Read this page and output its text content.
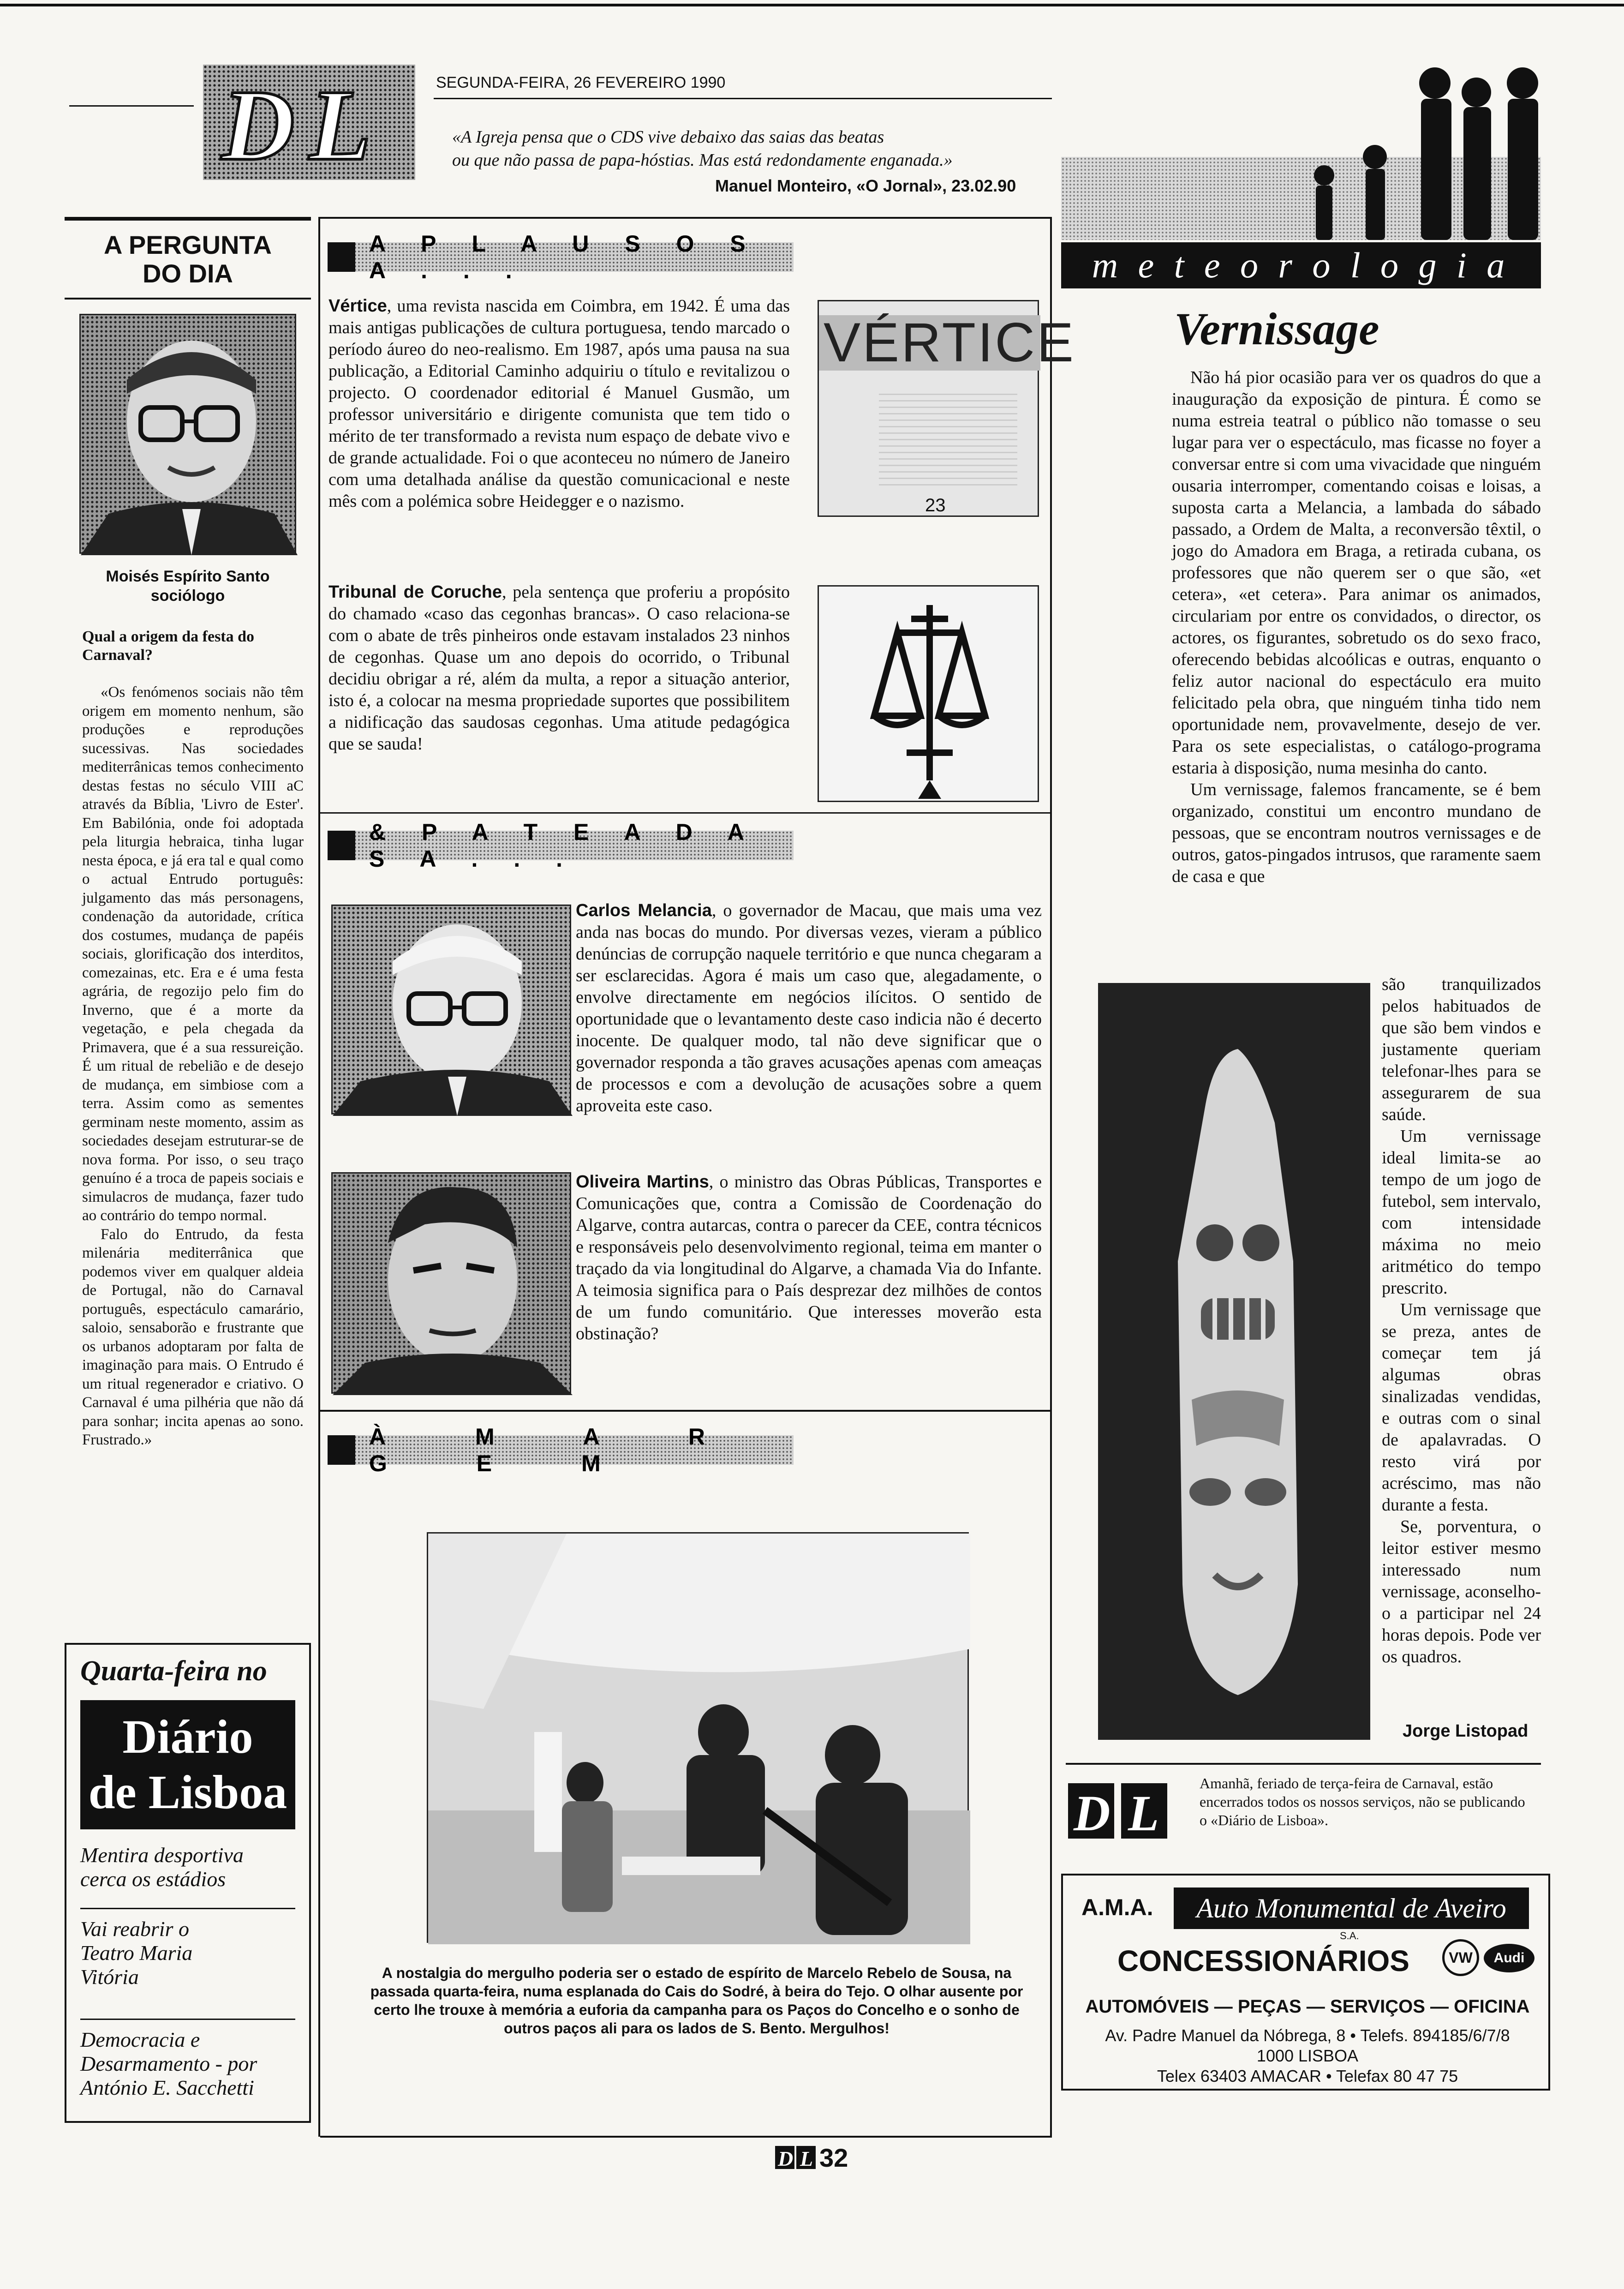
D L	SEGUNDA-FEIRA, 26 FEVEREIRO 1990
«A Igreja pensa que o CDS vive debaixo das saias das beatas
ou que não passa de papa-hóstias. Mas está redondamente enganada.»
Manuel Monteiro, «O Jornal», 23.02.90
m e t e o r o l o g i a
A PERGUNTA
DO DIA
Moisés Espírito Santo
sociólogo
Qual a origem da festa do Carnaval?
«Os fenómenos sociais não têm origem em momento nenhum, são produções e reproduções sucessivas. Nas sociedades mediterrânicas temos conhecimento destas festas no século VIII aC através da Bíblia, 'Livro de Ester'. Em Babilónia, onde foi adoptada pela liturgia hebraica, tinha lugar nesta época, e já era tal e qual como o actual Entrudo português: julgamento das más personagens, condenação da autoridade, crítica dos costumes, mudança de papéis sociais, glorificação dos interditos, comezainas, etc. Era e é uma festa agrária, de regozijo pelo fim do Inverno, que é a morte da vegetação, e pela chegada da Primavera, que é a sua ressureição. É um ritual de rebelião e de desejo de mudança, em simbiose com a terra. Assim como as sementes germinam neste momento, assim as sociedades desejam estruturar-se de nova forma. Por isso, o seu traço genuíno é a troca de papeis sociais e simulacros de mudança, fazer tudo ao contrário do tempo normal.
Falo do Entrudo, da festa milenária mediterrânica que podemos viver em qualquer aldeia de Portugal, não do Carnaval português, espectáculo camarário, saloio, sensaborão e frustrante que os urbanos adoptaram por falta de imaginação para mais. O Entrudo é um ritual regenerador e criativo. O Carnaval é uma pilhéria que não dá para sonhar; incita apenas ao sono. Frustrado.»
Quarta-feira no
Diário
de Lisboa
Mentira desportiva cerca os estádios
Vai reabrir o Teatro Maria Vitória
Democracia e Desarmamento - por António E. Sacchetti
A P L A U S O S A . . .
Vértice, uma revista nascida em Coimbra, em 1942. É uma das mais antigas publicações de cultura portuguesa, tendo marcado o período áureo do neo-realismo. Em 1987, após uma pausa na sua publicação, a Editorial Caminho adquiriu o título e revitalizou o projecto. O coordenador editorial é Manuel Gusmão, um professor universitário e dirigente comunista que tem tido o mérito de ter transformado a revista num espaço de debate vivo e de grande actualidade. Foi o que aconteceu no número de Janeiro com uma detalhada análise da questão comunicacional e neste mês com a polémica sobre Heidegger e o nazismo.
VÉRTICE
23
Tribunal de Coruche, pela sentença que proferiu a propósito do chamado «caso das cegonhas brancas». O caso relaciona-se com o abate de três pinheiros onde estavam instalados 23 ninhos de cegonhas. Quase um ano depois do ocorrido, o Tribunal decidiu obrigar a ré, além da multa, a repor a situação anterior, isto é, a colocar na mesma propriedade suportes que possibilitem a nidificação das saudosas cegonhas. Uma atitude pedagógica que se sauda!
& P A T E A D A S A . . .
Carlos Melancia, o governador de Macau, que mais uma vez anda nas bocas do mundo. Por diversas vezes, vieram a público denúncias de corrupção naquele território e que nunca chegaram a ser esclarecidas. Agora é mais um caso que, alegadamente, o envolve directamente em negócios ilícitos. O sentido de oportunidade que o levantamento deste caso indicia não é decerto inocente. De qualquer modo, tal não deve significar que o governador responda a tão graves acusações apenas com ameaças de processos e com a devolução de acusações sobre a quem aproveita este caso.
Oliveira Martins, o ministro das Obras Públicas, Transportes e Comunicações que, contra a Comissão de Coordenação do Algarve, contra autarcas, contra o parecer da CEE, contra técnicos e responsáveis pelo desenvolvimento regional, teima em manter o traçado da via longitudinal do Algarve, a chamada Via do Infante. A teimosia significa para o País desprezar dez milhões de contos de um fundo comunitário. Que interesses moverão esta obstinação?
À M A R G E M
A nostalgia do mergulho poderia ser o estado de espírito de Marcelo Rebelo de Sousa, na passada quarta-feira, numa esplanada do Cais do Sodré, à beira do Tejo. O olhar ausente por certo lhe trouxe à memória a euforia da campanha para os Paços do Concelho e o sonho de outros paços ali para os lados de S. Bento. Mergulhos!
Vernissage
Não há pior ocasião para ver os quadros do que a inauguração da exposição de pintura. É como se numa estreia teatral o público não tomasse o seu lugar para ver o espectáculo, mas ficasse no foyer a conversar entre si com uma vivacidade que ninguém ousaria interromper, comentando coisas e loisas, a suposta carta a Melancia, a lambada do sábado passado, a Ordem de Malta, a reconversão têxtil, o jogo do Amadora em Braga, a retirada cubana, os professores que não querem ser o que são, «et cetera», «et cetera». Para animar os animados, circulariam por entre os convidados, o director, os actores, os figurantes, sobretudo os do sexo fraco, oferecendo bebidas alcoólicas e outras, enquanto o feliz autor nacional do espectáculo era muito felicitado pela obra, que ninguém tinha tido nem oportunidade nem, provavelmente, desejo de ver. Para os sete especialistas, o catálogo-programa estaria à disposição, numa mesinha do canto.
Um vernissage, falemos francamente, se é bem organizado, constitui um encontro mundano de pessoas, que se encontram noutros vernissages e de outros, gatos-pingados intrusos, que raramente saem de casa e que
são tranquilizados pelos habituados de que são bem vindos e justamente queriam telefonar-lhes para se assegurarem de sua saúde.
Um vernissage ideal limita-se ao tempo de um jogo de futebol, sem intervalo, com intensidade máxima no meio aritmético do tempo prescrito.
Um vernissage que se preza, antes de começar tem já algumas obras sinalizadas vendidas, e outras com o sinal de apalavradas. O resto virá por acréscimo, mas não durante a festa.
Se, porventura, o leitor estiver mesmo interessado num vernissage, aconselho-o a participar nel 24 horas depois. Pode ver os quadros.
Jorge Listopad
D L
Amanhã, feriado de terça-feira de Carnaval, estão encerrados todos os nossos serviços, não se publicando o «Diário de Lisboa».
A.M.A.	Auto Monumental de Aveiro
S.A.
CONCESSIONÁRIOS	VW Audi
AUTOMÓVEIS — PEÇAS — SERVIÇOS — OFICINA
Av. Padre Manuel da Nóbrega, 8 • Telefs. 894185/6/7/8
1000 LISBOA
Telex 63403 AMACAR • Telefax 80 47 75
D L 32
